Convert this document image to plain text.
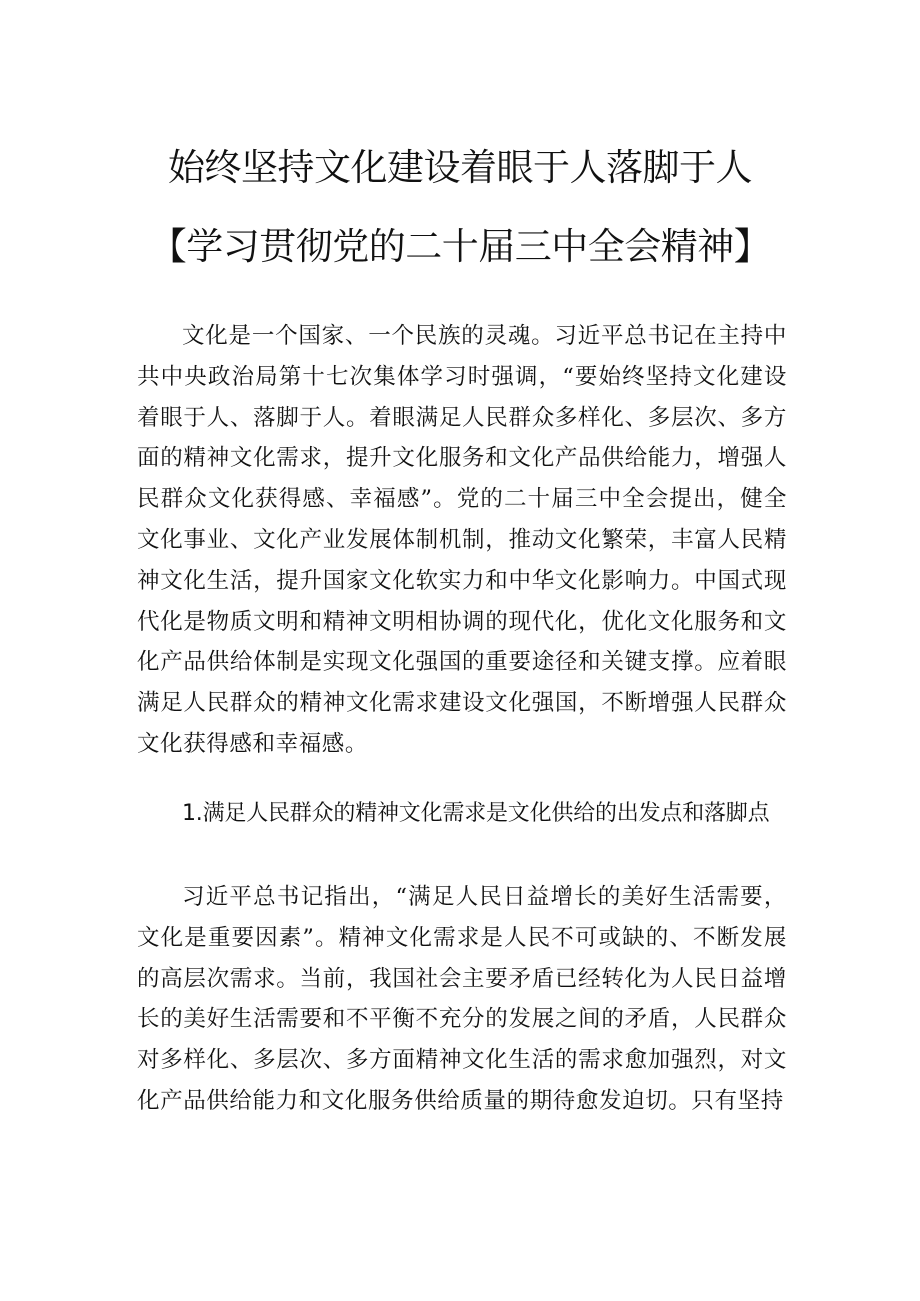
始终坚持文化建设着眼于人落脚于人
【学习贯彻党的二十届三中全会精神】

文化是一个国家、一个民族的灵魂。习近平总书记在主持中共中央政治局第十七次集体学习时强调，“要始终坚持文化建设着眼于人、落脚于人。着眼满足人民群众多样化、多层次、多方面的精神文化需求，提升文化服务和文化产品供给能力，增强人民群众文化获得感、幸福感”。党的二十届三中全会提出，健全文化事业、文化产业发展体制机制，推动文化繁荣，丰富人民精神文化生活，提升国家文化软实力和中华文化影响力。中国式现代化是物质文明和精神文明相协调的现代化，优化文化服务和文化产品供给体制是实现文化强国的重要途径和关键支撑。应着眼满足人民群众的精神文化需求建设文化强国，不断增强人民群众文化获得感和幸福感。

1.满足人民群众的精神文化需求是文化供给的出发点和落脚点

习近平总书记指出，“满足人民日益增长的美好生活需要，文化是重要因素”。精神文化需求是人民不可或缺的、不断发展的高层次需求。当前，我国社会主要矛盾已经转化为人民日益增长的美好生活需要和不平衡不充分的发展之间的矛盾，人民群众对多样化、多层次、多方面精神文化生活的需求愈加强烈，对文化产品供给能力和文化服务供给质量的期待愈发迫切。只有坚持
